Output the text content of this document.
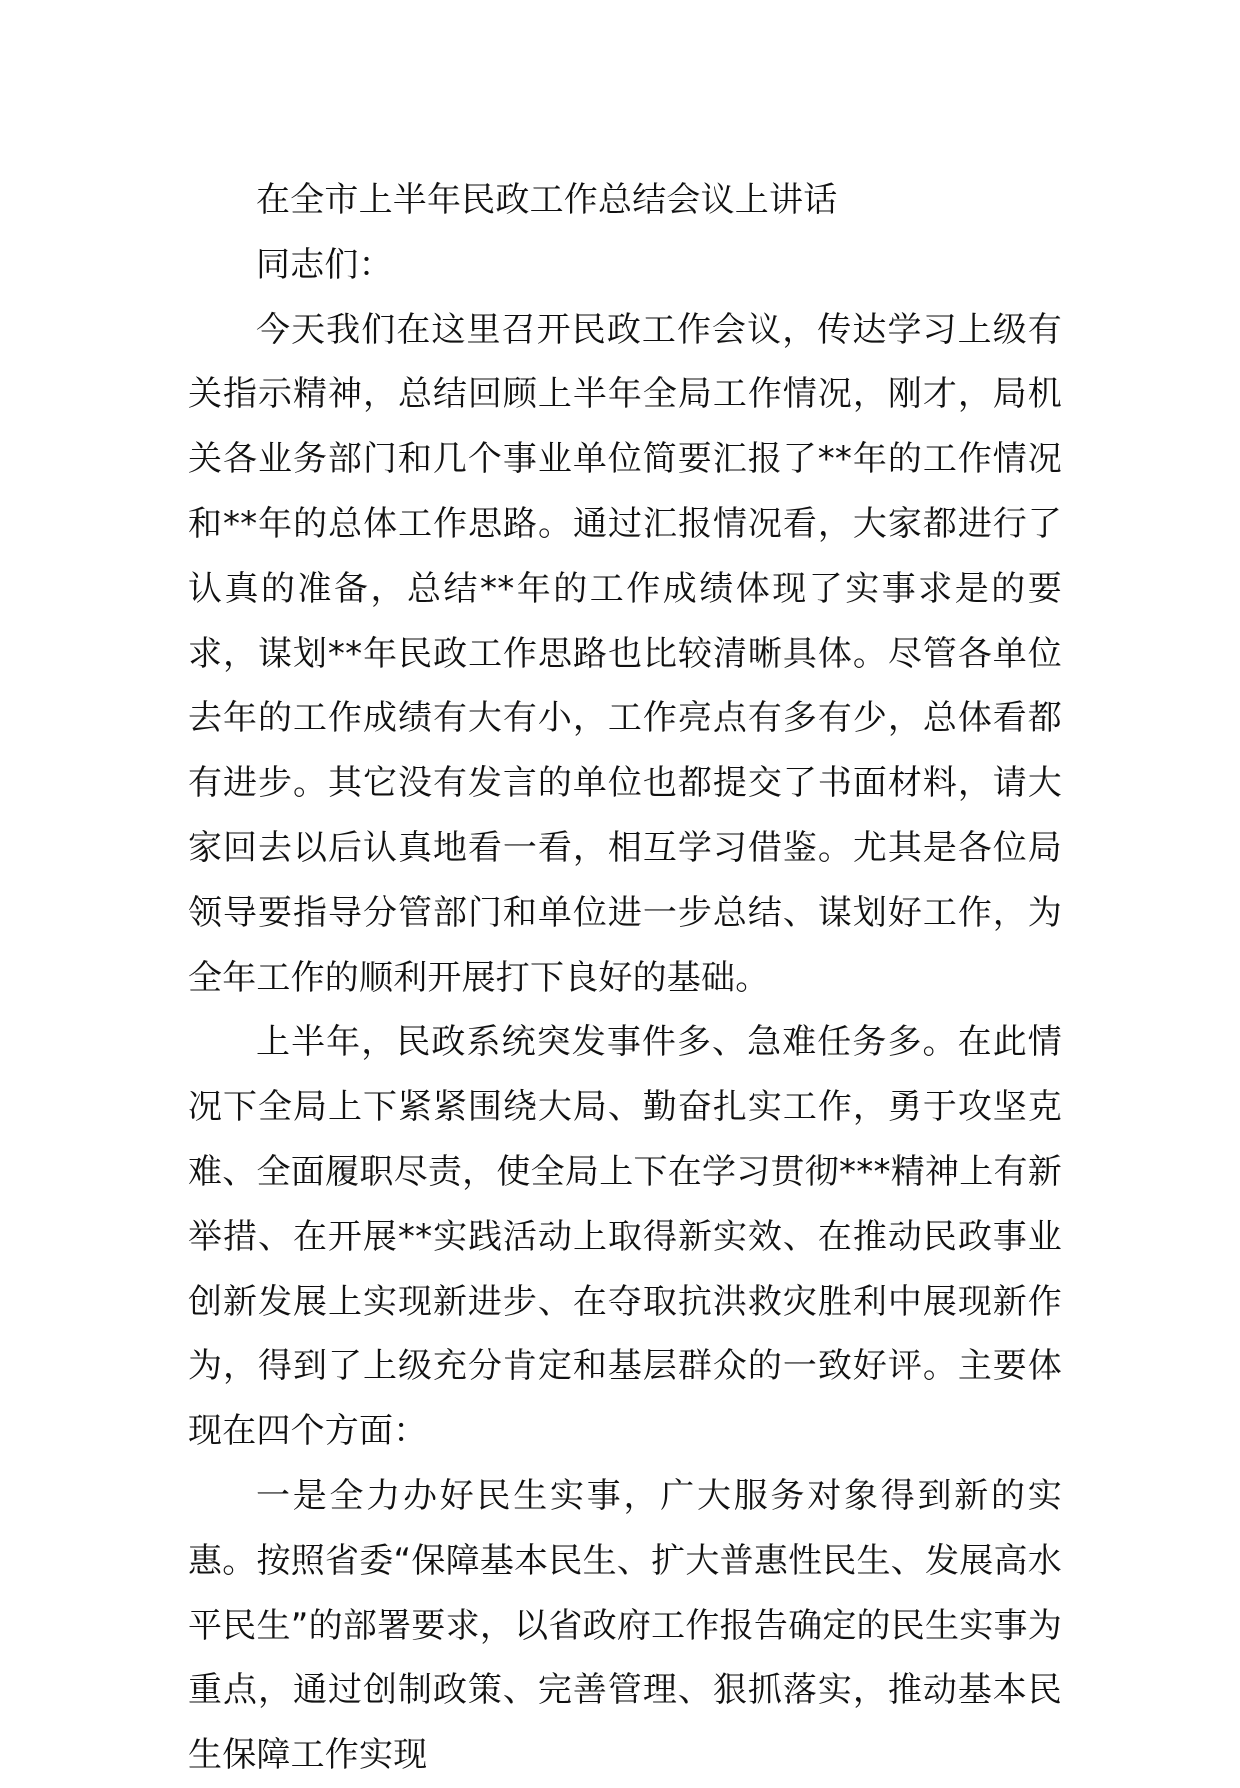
在全市上半年民政工作总结会议上讲话

同志们：

今天我们在这里召开民政工作会议，传达学习上级有关指示精神，总结回顾上半年全局工作情况，刚才，局机关各业务部门和几个事业单位简要汇报了**年的工作情况和**年的总体工作思路。通过汇报情况看，大家都进行了认真的准备，总结**年的工作成绩体现了实事求是的要求，谋划**年民政工作思路也比较清晰具体。尽管各单位去年的工作成绩有大有小，工作亮点有多有少，总体看都有进步。其它没有发言的单位也都提交了书面材料，请大家回去以后认真地看一看，相互学习借鉴。尤其是各位局领导要指导分管部门和单位进一步总结、谋划好工作，为全年工作的顺利开展打下良好的基础。

上半年，民政系统突发事件多、急难任务多。在此情况下全局上下紧紧围绕大局、勤奋扎实工作，勇于攻坚克难、全面履职尽责，使全局上下在学习贯彻***精神上有新举措、在开展**实践活动上取得新实效、在推动民政事业创新发展上实现新进步、在夺取抗洪救灾胜利中展现新作为，得到了上级充分肯定和基层群众的一致好评。主要体现在四个方面：

一是全力办好民生实事，广大服务对象得到新的实惠。按照省委“保障基本民生、扩大普惠性民生、发展高水平民生”的部署要求，以省政府工作报告确定的民生实事为重点，通过创制政策、完善管理、狠抓落实，推动基本民生保障工作实现
